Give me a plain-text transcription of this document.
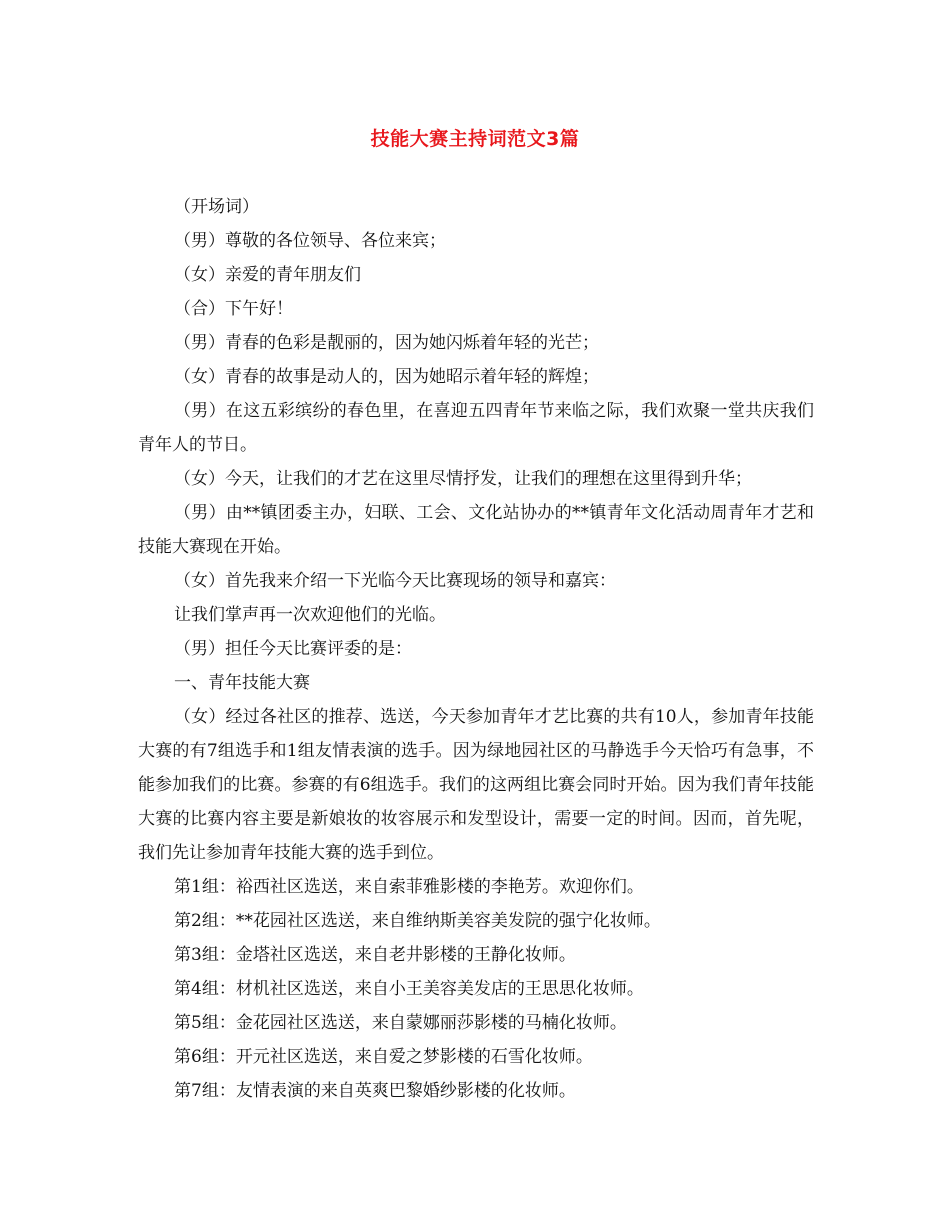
技能大赛主持词范文3篇

（开场词）

（男）尊敬的各位领导、各位来宾；

（女）亲爱的青年朋友们

（合）下午好！

（男）青春的色彩是靓丽的，因为她闪烁着年轻的光芒；

（女）青春的故事是动人的，因为她昭示着年轻的辉煌；

（男）在这五彩缤纷的春色里，在喜迎五四青年节来临之际，我们欢聚一堂共庆我们青年人的节日。

（女）今天，让我们的才艺在这里尽情抒发，让我们的理想在这里得到升华；

（男）由**镇团委主办，妇联、工会、文化站协办的**镇青年文化活动周青年才艺和技能大赛现在开始。

（女）首先我来介绍一下光临今天比赛现场的领导和嘉宾：

让我们掌声再一次欢迎他们的光临。

（男）担任今天比赛评委的是：

一、青年技能大赛

（女）经过各社区的推荐、选送，今天参加青年才艺比赛的共有10人，参加青年技能大赛的有7组选手和1组友情表演的选手。因为绿地园社区的马静选手今天恰巧有急事，不能参加我们的比赛。参赛的有6组选手。我们的这两组比赛会同时开始。因为我们青年技能大赛的比赛内容主要是新娘妆的妆容展示和发型设计，需要一定的时间。因而，首先呢，我们先让参加青年技能大赛的选手到位。

第1组：裕西社区选送，来自索菲雅影楼的李艳芳。欢迎你们。

第2组：**花园社区选送，来自维纳斯美容美发院的强宁化妆师。

第3组：金塔社区选送，来自老井影楼的王静化妆师。

第4组：材机社区选送，来自小王美容美发店的王思思化妆师。

第5组：金花园社区选送，来自蒙娜丽莎影楼的马楠化妆师。

第6组：开元社区选送，来自爱之梦影楼的石雪化妆师。

第7组：友情表演的来自英爽巴黎婚纱影楼的化妆师。
